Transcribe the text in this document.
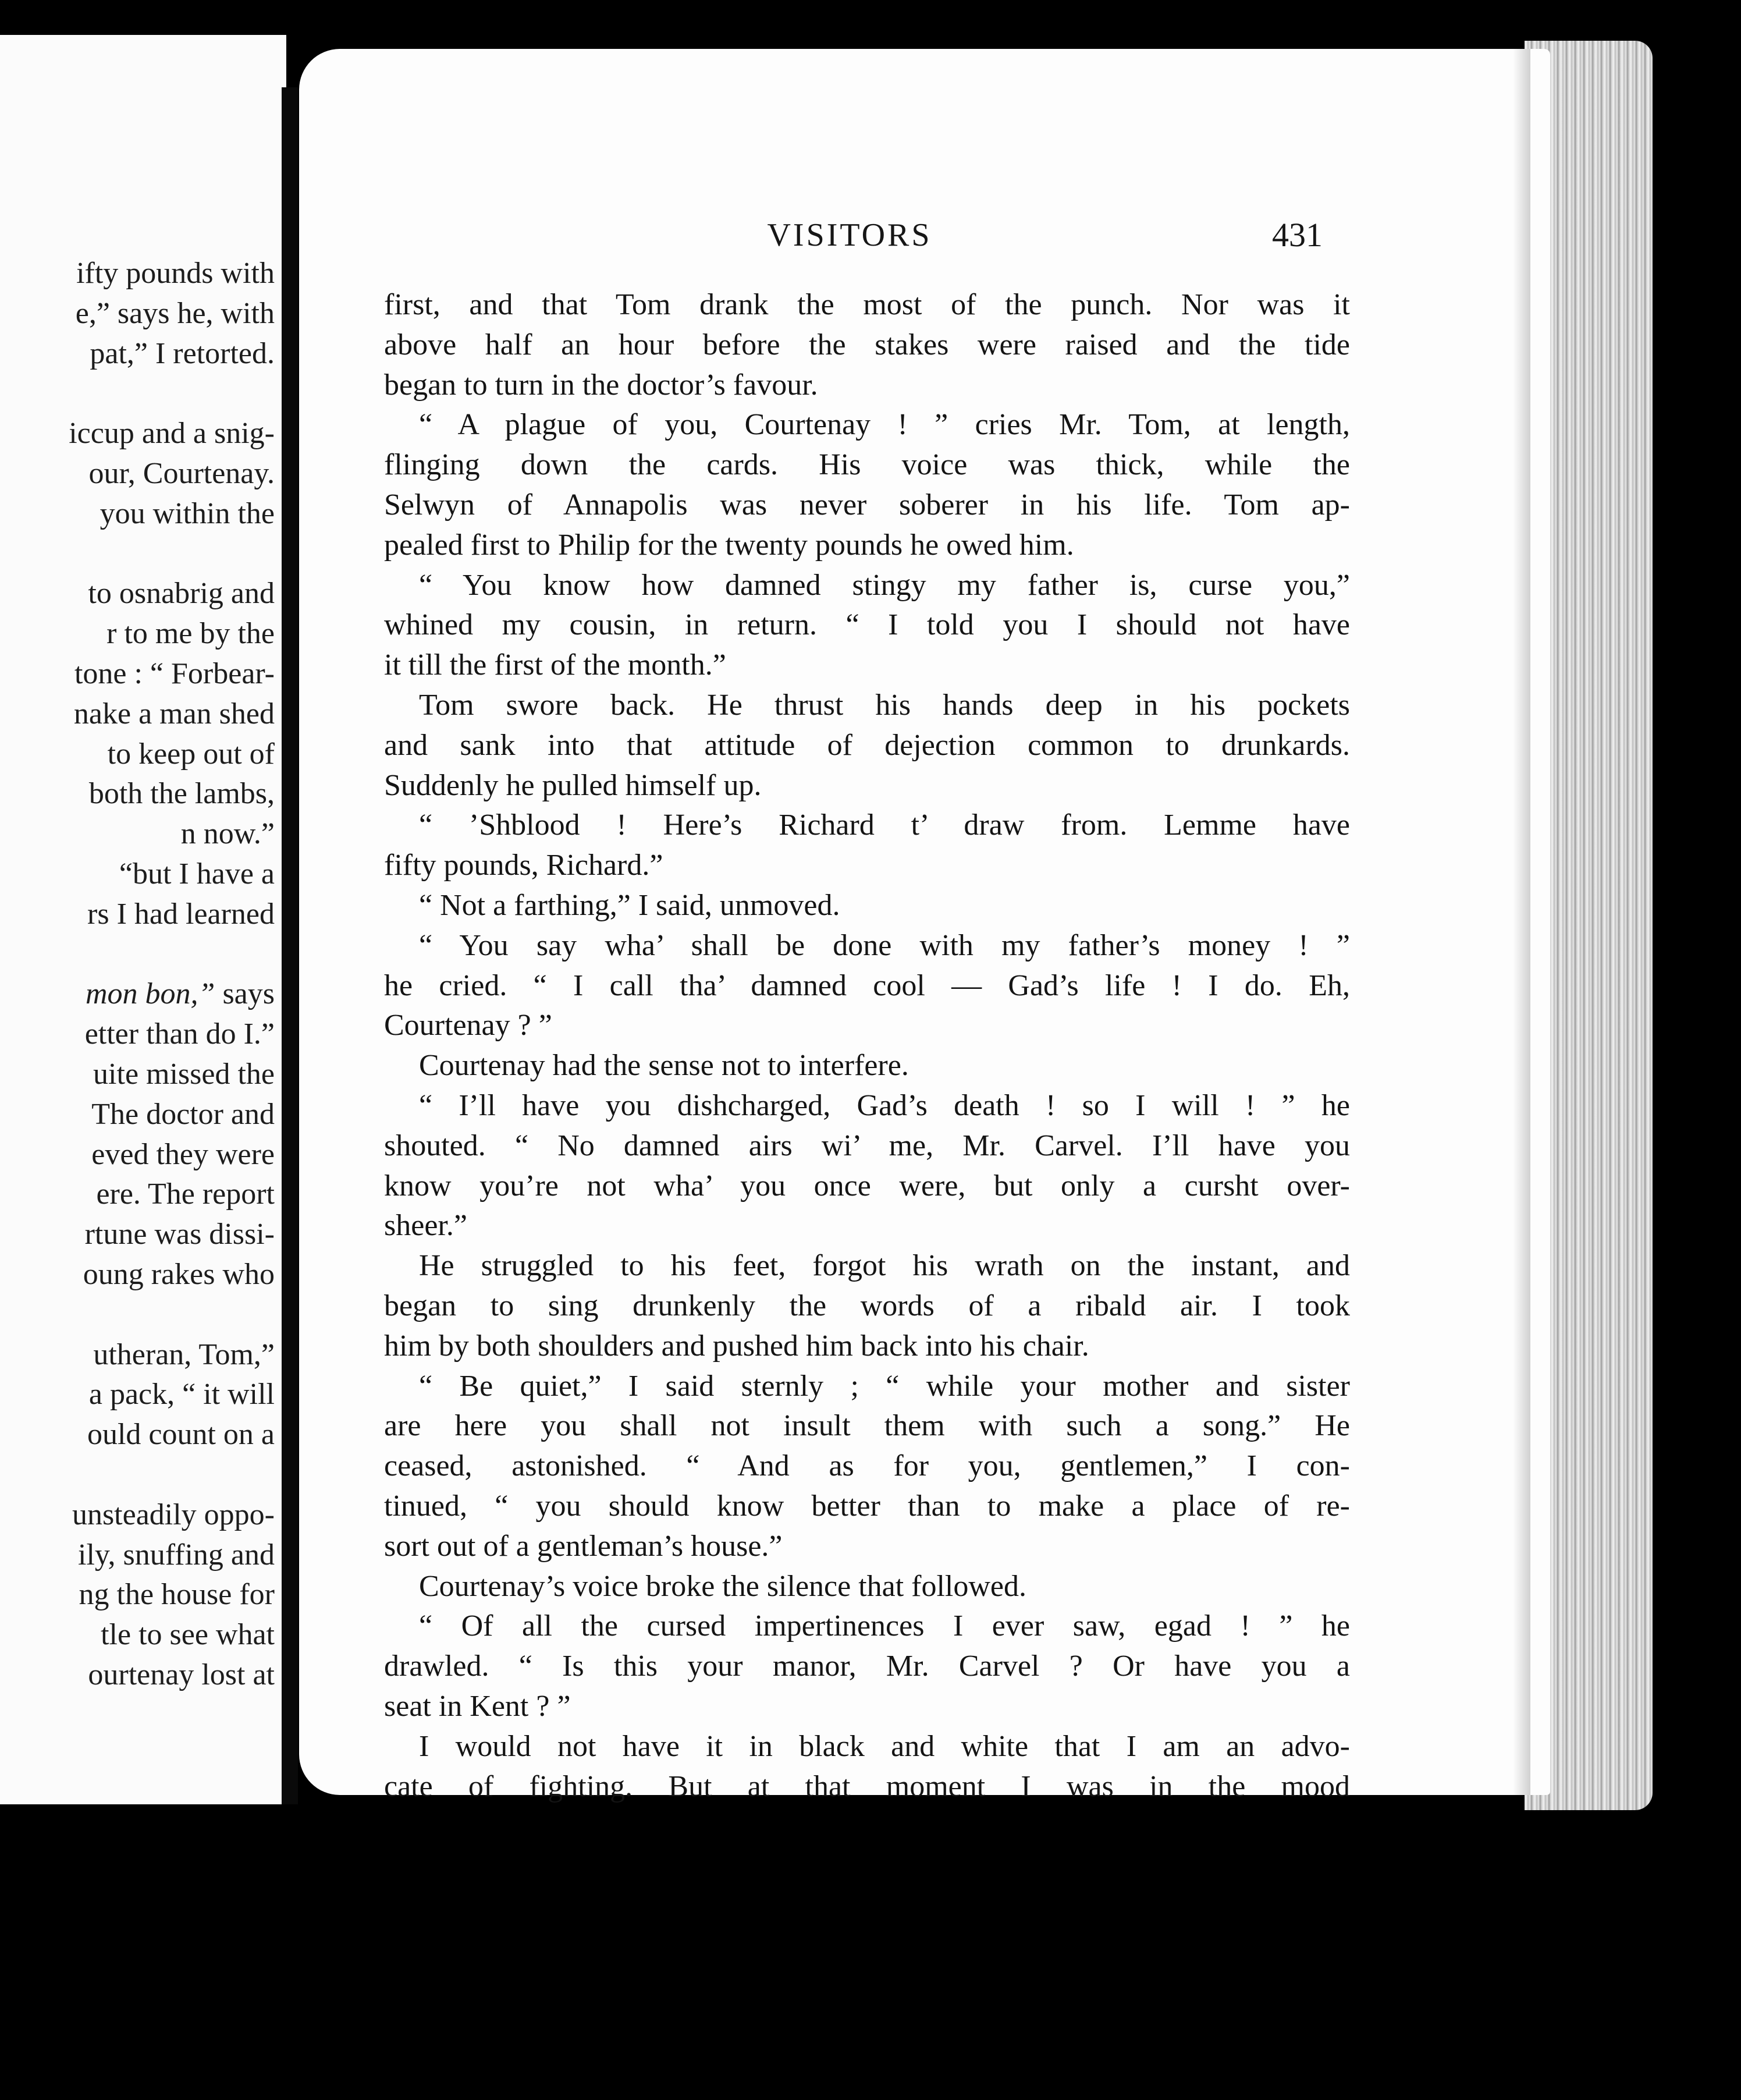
ifty pounds with
e,” says he, with
pat,” I retorted.
iccup and a snig-
our, Courtenay.
you within the
to osnabrig and
r to me by the
tone : “ Forbear-
nake a man shed
to keep out of
both the lambs,
n now.”
“but I have a
rs I had learned
mon bon,” says
etter than do I.”
uite missed the
The doctor and
eved they were
ere. The report
rtune was dissi-
oung rakes who
utheran, Tom,”
a pack, “ it will
ould count on a
unsteadily oppo-
ily, snuffing and
ng the house for
tle to see what
ourtenay lost at
VISITORS	431
first, and that Tom drank the most of the punch. Nor was it
above half an hour before the stakes were raised and the tide
began to turn in the doctor’s favour.
“ A plague of you, Courtenay ! ” cries Mr. Tom, at length,
flinging down the cards. His voice was thick, while the
Selwyn of Annapolis was never soberer in his life. Tom ap-
pealed first to Philip for the twenty pounds he owed him.
“ You know how damned stingy my father is, curse you,”
whined my cousin, in return. “ I told you I should not have
it till the first of the month.”
Tom swore back. He thrust his hands deep in his pockets
and sank into that attitude of dejection common to drunkards.
Suddenly he pulled himself up.
“ ’Shblood ! Here’s Richard t’ draw from. Lemme have
fifty pounds, Richard.”
“ Not a farthing,” I said, unmoved.
“ You say wha’ shall be done with my father’s money ! ”
he cried. “ I call tha’ damned cool — Gad’s life ! I do. Eh,
Courtenay ? ”
Courtenay had the sense not to interfere.
“ I’ll have you dishcharged, Gad’s death ! so I will ! ” he
shouted. “ No damned airs wi’ me, Mr. Carvel. I’ll have you
know you’re not wha’ you once were, but only a cursht over-
sheer.”
He struggled to his feet, forgot his wrath on the instant, and
began to sing drunkenly the words of a ribald air. I took
him by both shoulders and pushed him back into his chair.
“ Be quiet,” I said sternly ; “ while your mother and sister
are here you shall not insult them with such a song.” He
ceased, astonished. “ And as for you, gentlemen,” I con-
tinued, “ you should know better than to make a place of re-
sort out of a gentleman’s house.”
Courtenay’s voice broke the silence that followed.
“ Of all the cursed impertinences I ever saw, egad ! ” he
drawled. “ Is this your manor, Mr. Carvel ? Or have you a
seat in Kent ? ”
I would not have it in black and white that I am an advo-
cate of fighting. But at that moment I was in the mood
